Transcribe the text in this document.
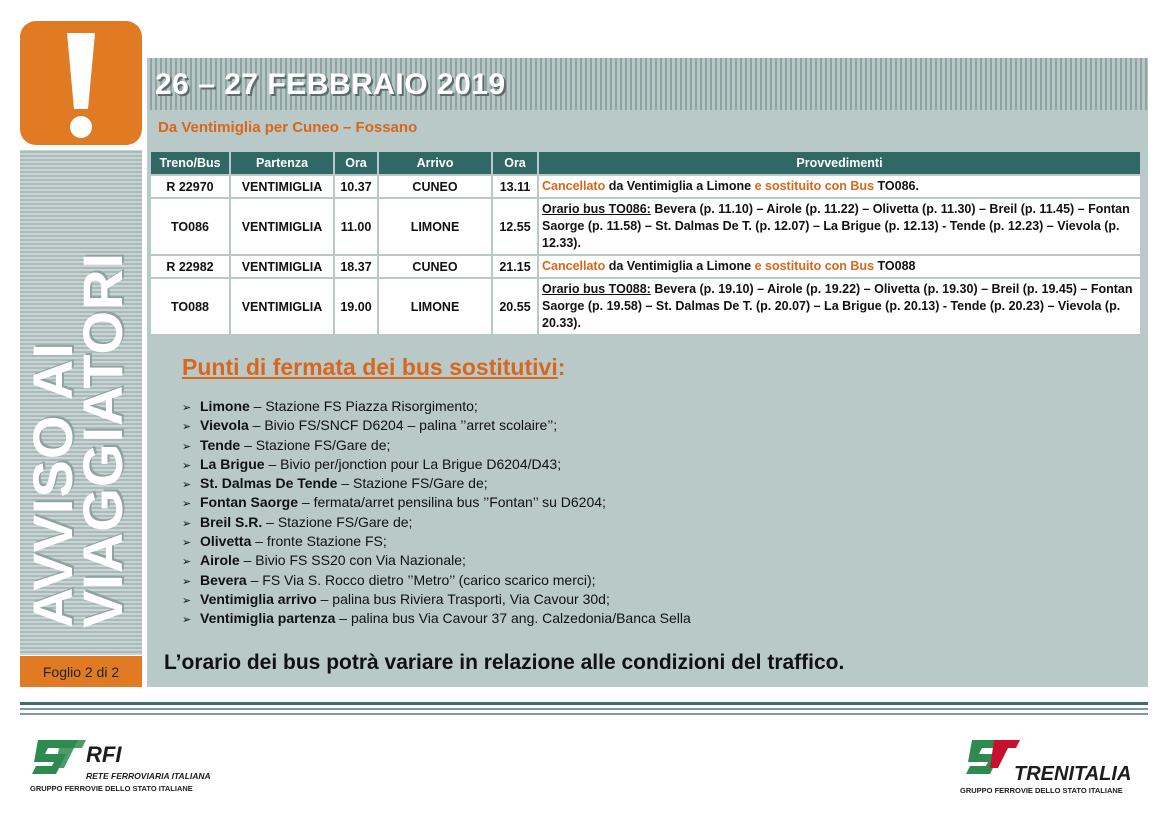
AVVISO AI
VIAGGIATORI
Foglio 2 di 2
26 – 27 FEBBRAIO 2019
Da Ventimiglia per Cuneo – Fossano
Treno/Bus	Partenza	Ora	Arrivo	Ora	Provvedimenti
R 22970	VENTIMIGLIA	10.37	CUNEO	13.11	Cancellato da Ventimiglia a Limone e sostituito con Bus TO086.
TO086	VENTIMIGLIA	11.00	LIMONE	12.55	Orario bus TO086: Bevera (p. 11.10) – Airole (p. 11.22) – Olivetta (p. 11.30) – Breil (p. 11.45) – Fontan Saorge (p. 11.58) – St. Dalmas De T. (p. 12.07) – La Brigue (p. 12.13) - Tende (p. 12.23) – Vievola (p. 12.33).
R 22982	VENTIMIGLIA	18.37	CUNEO	21.15	Cancellato da Ventimiglia a Limone e sostituito con Bus TO088
TO088	VENTIMIGLIA	19.00	LIMONE	20.55	Orario bus TO088: Bevera (p. 19.10) – Airole (p. 19.22) – Olivetta (p. 19.30) – Breil (p. 19.45) – Fontan Saorge (p. 19.58) – St. Dalmas De T. (p. 20.07) – La Brigue (p. 20.13) - Tende (p. 20.23) – Vievola (p. 20.33).
Punti di fermata dei bus sostitutivi:
➢ Limone – Stazione FS Piazza Risorgimento;
➢ Vievola – Bivio FS/SNCF D6204 – palina ’’arret scolaire’’;
➢ Tende – Stazione FS/Gare de;
➢ La Brigue – Bivio per/jonction pour La Brigue D6204/D43;
➢ St. Dalmas De Tende – Stazione FS/Gare de;
➢ Fontan Saorge – fermata/arret pensilina bus ’’Fontan’’ su D6204;
➢ Breil S.R. – Stazione FS/Gare de;
➢ Olivetta – fronte Stazione FS;
➢ Airole – Bivio FS SS20 con Via Nazionale;
➢ Bevera – FS Via S. Rocco dietro ’’Metro’’ (carico scarico merci);
➢ Ventimiglia arrivo – palina bus Riviera Trasporti, Via Cavour 30d;
➢ Ventimiglia partenza – palina bus Via Cavour 37 ang. Calzedonia/Banca Sella
L’orario dei bus potrà variare in relazione alle condizioni del traffico.
RFI
RETE FERROVIARIA ITALIANA
GRUPPO FERROVIE DELLO STATO ITALIANE
TRENITALIA
GRUPPO FERROVIE DELLO STATO ITALIANE
